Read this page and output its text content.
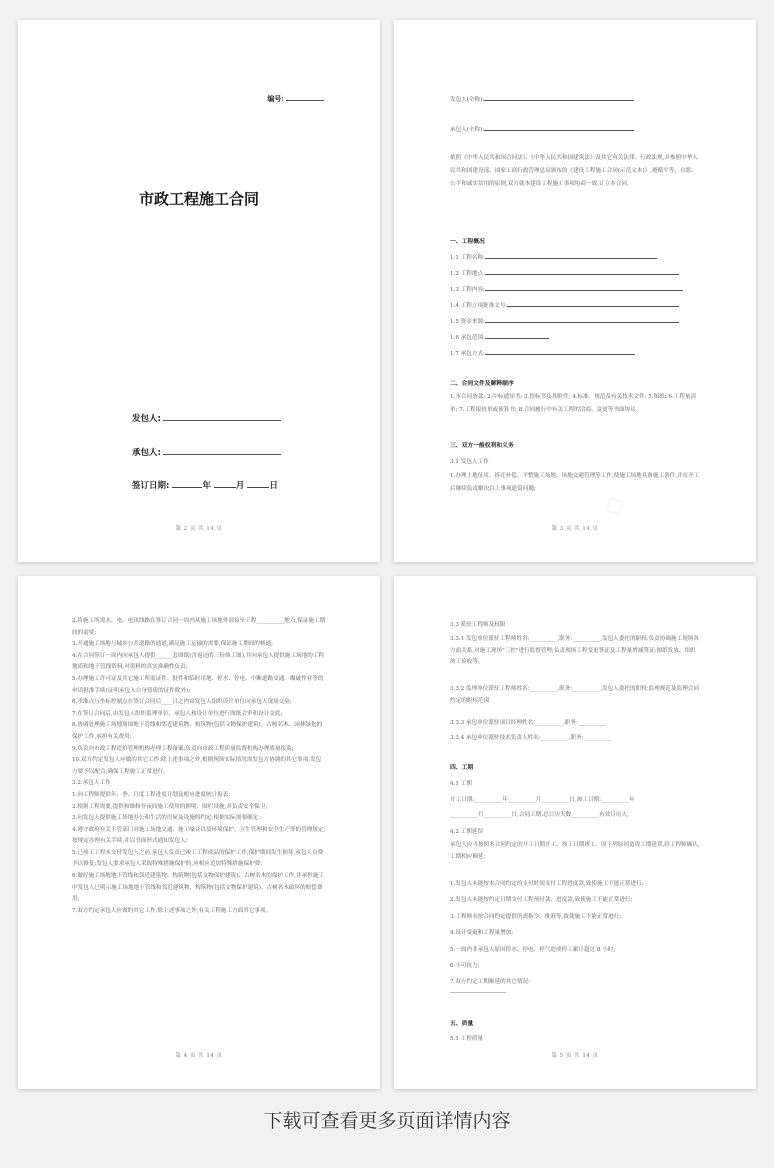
编号:
市政工程施工合同
发包人:
承包人:
签订日期:	年	月	日
第 2 页 共 14 页
发包人(全称):
承包人(全称):
依照《中华人民共和国合同法》、《中华人民共和国建筑法》及其它有关法律、行政法规,并参照中华人民共和国建设部、国家工商行政管理总局颁布的《建设工程施工合同(示范文本)》,遵循平等、自愿、公平和诚实信用的原则,双方就本建设工程施工事项协商一致,订立本合同。
一、工程概况
1.1 工程名称:
1.2 工程地点:
1.3 工程内容:
1.4 工程立项批准文号:
1.5 资金来源:
1.6 承包范围:
1.7 承包方式:
二、合同文件及解释顺序
1.本合同条款; 2.中标通知书; 3.投标书及其附件; 4.标准、规范及有关技术文件; 5.图纸; 6.工程量清单; 7.工程报价单或预算书; 8.合同履行中有关工程的洽商、变更等书面协议。
三、双方一般权利和义务
3.1 发包人工作
1.办理土地征用、拆迁补偿、平整施工场地、场地交通管理等工作,使施工场地具备施工条件,并在开工后继续负责解决以上事项遗留问题;
第 3 页 共 14 页
2.将施工所需水、电、电讯线路在签订合同一周内从施工场地外部接至工程__________地点,保证施工期间的需要;
3.开通施工场地与城乡公共道路的通道,满足施工运输的需要,保证施工期间的畅通;
4.在合同签订一周内向承包人提供______套图纸(含返还的三份竣工图),并向承包人提供施工场地的工程地质和地下管线资料,对资料的真实准确性负责;
5.办理施工许可证及其它施工所需证件、批件和临时用地、停水、停电、中断道路交通、爆破作业等的申请批准手续(证明承包人自身资质的证件除外);
6.水准点与坐标控制点在签订合同后____日之内由发包人组织设计单位向承包人现场交验;
7.在签订合同后,由发包人组织监理单位、承包人和设计单位进行图纸会审和设计交底;
8.协调处理施工场地周围地下管线和邻近建筑物、构筑物(包括文物保护建筑)、古树名木、园林绿化的保护工作,承担有关费用;
9.负责向市政工程造价管理机构办理工程备案;负责向市政工程质量监督机构办理质量报监;
10.双方约定发包人应做的其它工作:除上述事项之外,根据现场实际情况需发包方协调的其它事项,发包方要予以配合,确保工程施工正常进行。
3.2 承包人工作
1.向工程师提供年、季、月度工程进度计划及相应进度统计报表;
2.根据工程需要,提供和维修非夜间施工使用的照明、围栏设施,并负责安全保卫;
3.向发包人提供施工场地办公和生活的房屋及设施的约定:根据实际需要确定 ;
4.遵守政府有关主管部门对施工场地交通、施工噪音以及环境保护、卫生管理和安全生产等的管理规定,按规定办理有关手续,并以书面形式通知发包人;
5.已竣工工程未交付发包人之前,承包人负责已竣工工程成品的保护工作,保护期间发生损坏,承包人自费予以修复;发包人要求承包人采取特殊措施保护的,应相应追加特殊措施保护费;
6.做好施工场地地下管线和邻近建筑物、构筑物(包括文物保护建筑)、古树名木的保护工作,并承担施工中发包人已明示施工场地地下管线和邻近建筑物、构筑物(包括文物保护建筑)、古树名木破坏的赔偿费用;
7.双方约定承包人应做的其它工作:除上述事项之外,有关工程施工方面其它事项。
第 4 页 共 14 页
3.3 派驻工程师及权限
3.3.1 发包单位派驻工程师姓名:__________,职务:__________,发包人委托的职权:负责协调施工现场各方面关系,对施工现场"三控"进行监督管理;负责现场工程变更签证及工程量增减签证;图纸发放、组织竣工验收等。
3.3.2 监理单位派驻工程师姓名:__________,职务:__________,发包人委托的职权:监理规范及监理合同约定的职权范围
3.3.3 承包单位派驻项目经理姓名:__________,职务:__________
3.3.4 承包单位派驻技术负责人姓名:__________,职务:__________
四、工期
4.1 工期
开工日期:__________年__________月__________日,竣工日期:__________年
__________月__________日,合同工期:总日历天数__________有效日历天。
4.2 工期延误
承包人应当按照本合同约定的开工日期开工、竣工日期竣工。因下列原因造成工期延误,经工程师确认,工期相应顺延:
1.发包人未能按本合同约定的支付时间支付工程进度款,致使施工不能正常进行;
2.发包人未能按约定日期支付工程预付款、进度款,致使施工不能正常进行;
3.工程师未按合同约定提供所需指令、批准等,致使施工不能正常进行;
4.设计变更和工程量增加;
5.一周内非承包人原因停水、停电、停气造成停工累计超过 8 小时;
6.不可抗力;
7.双方约定工期顺延的其它情况:
五、质量
5.1 工程质量
第 5 页 共 14 页
下载可查看更多页面详情内容
